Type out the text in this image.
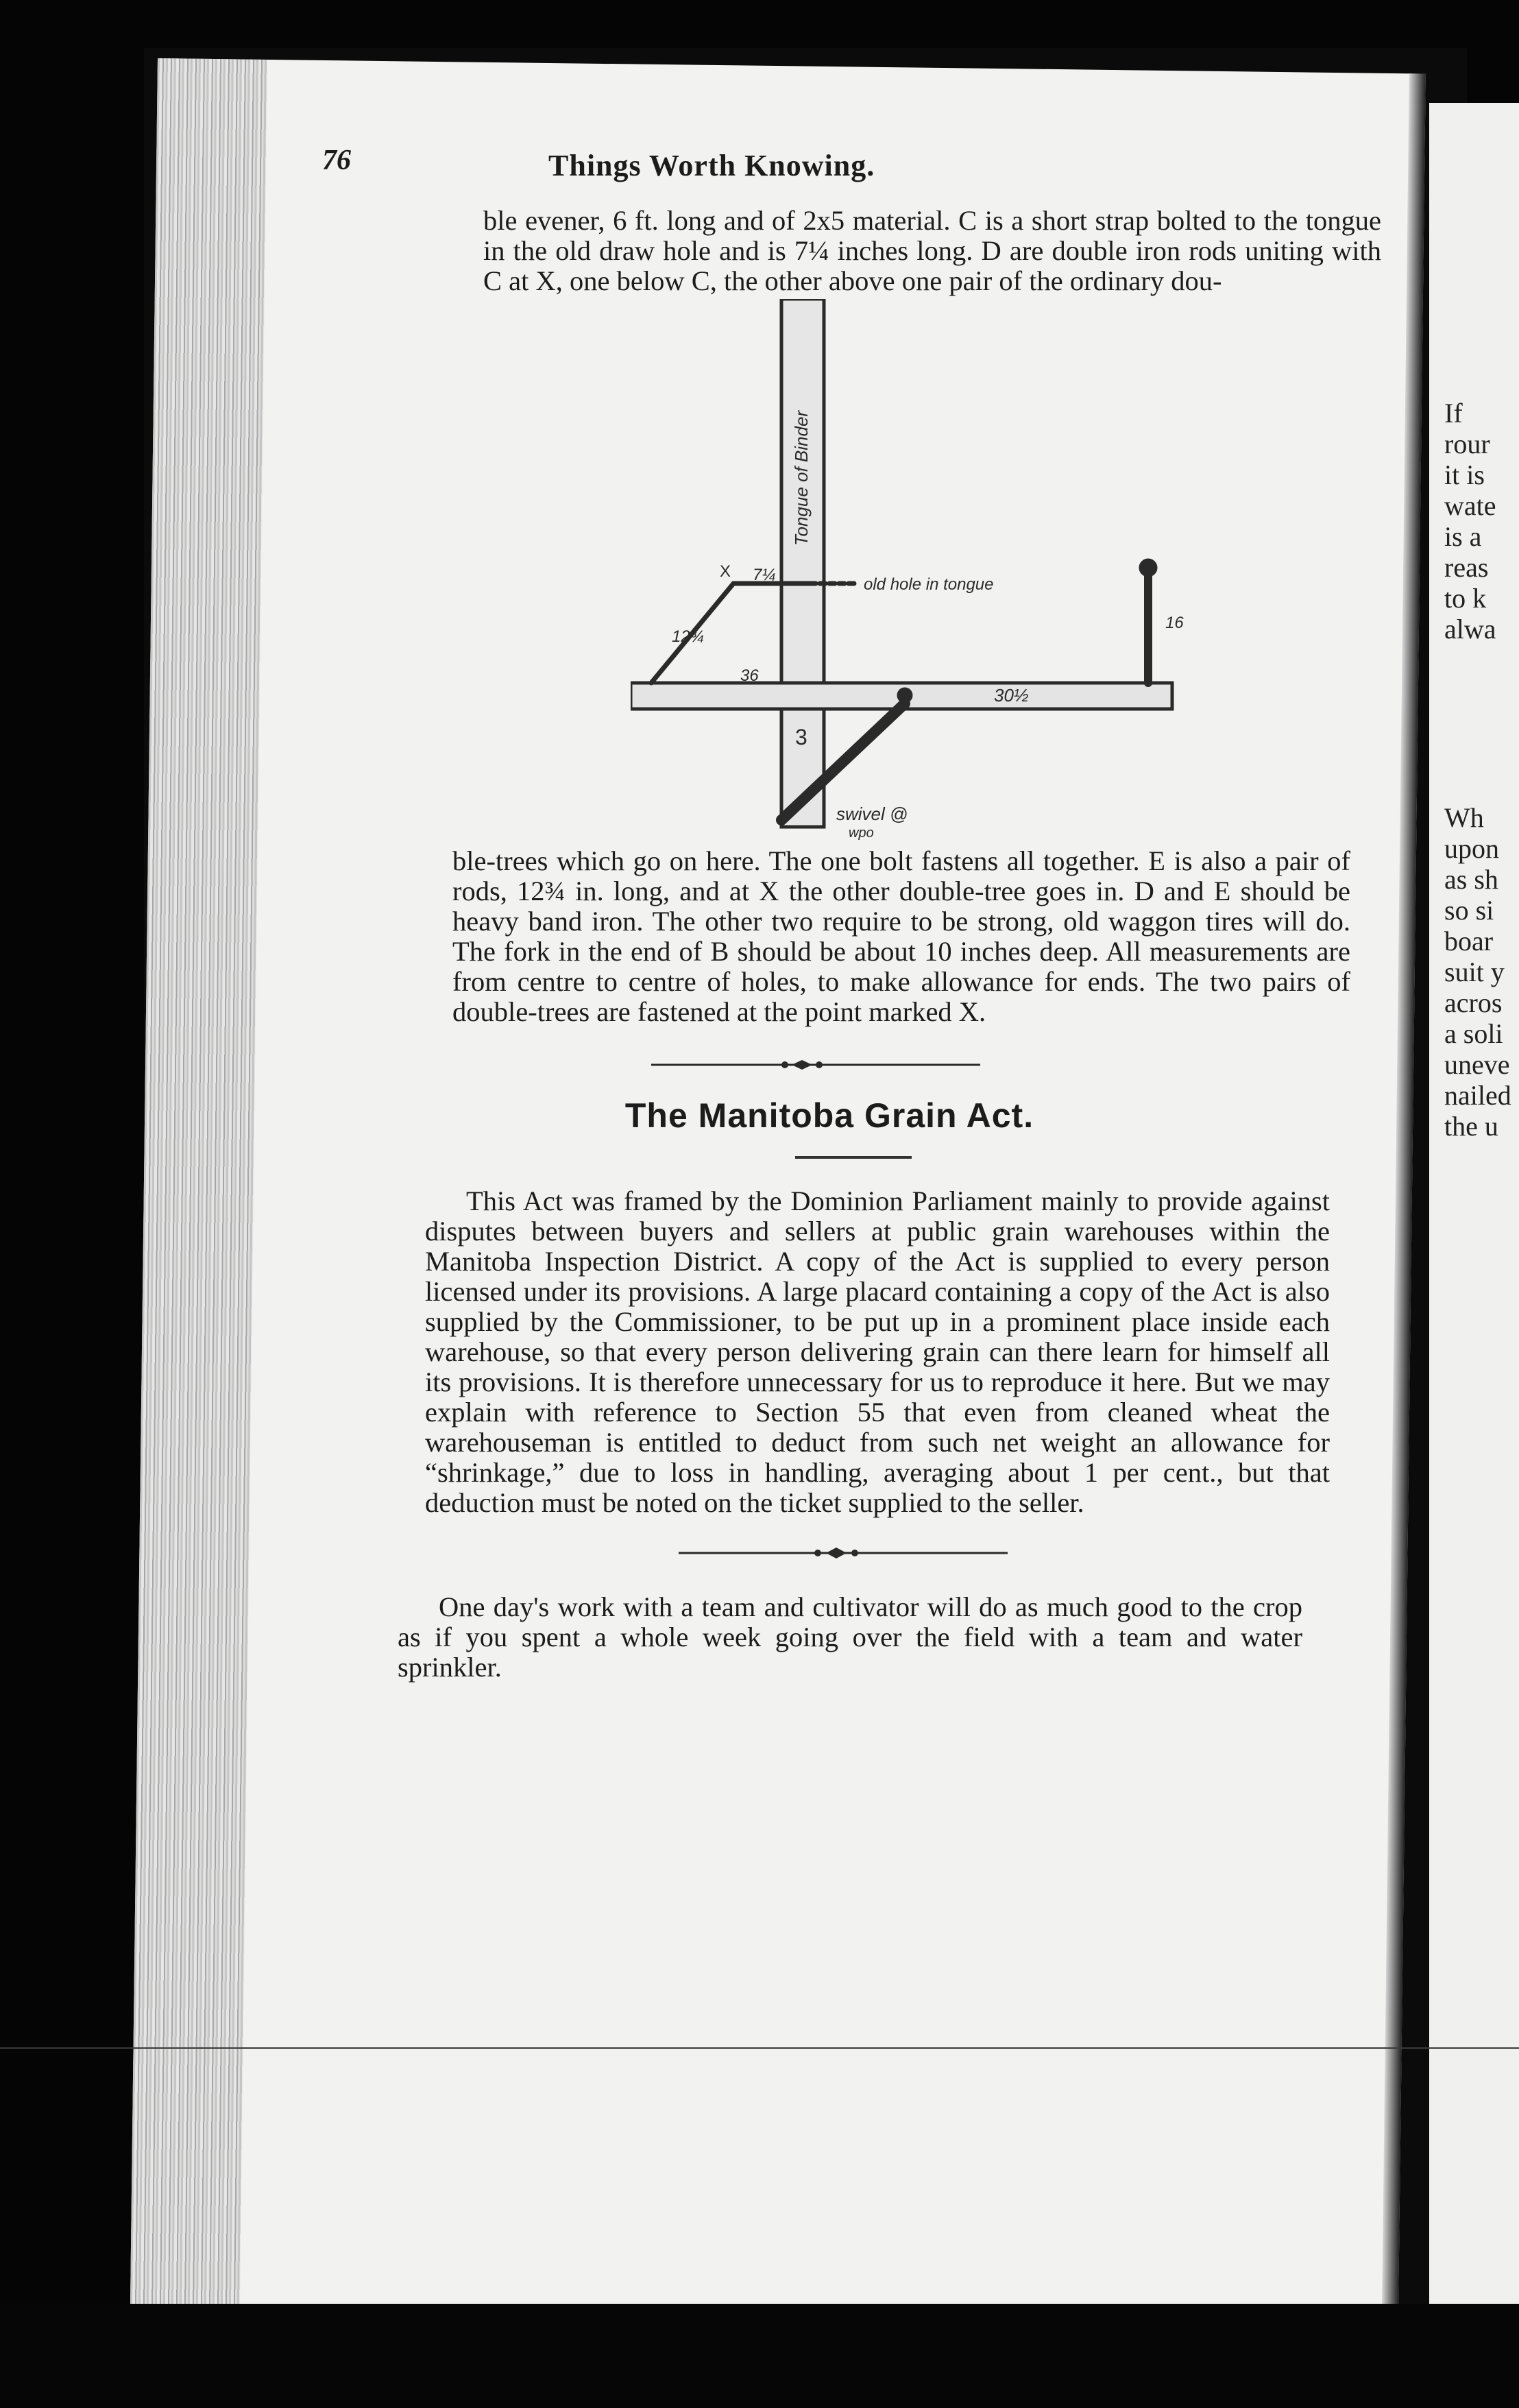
If
rour
it is
wate
is a
reas
to k
alwa
Wh
upon
as sh
so si
boar
suit y
acros
a soli
uneve
nailed
the u
76	Things Worth Knowing.

ble evener, 6 ft. long and of 2x5 material. C is a short strap bolted to the tongue in the old draw hole and is 7¼ inches long. D are double iron rods uniting with C at X, one below C, the other above one pair of the ordinary dou-

Tongue of Binder
old hole in tongue
swivel @
wpo
12¾
36
30½
7¼
16
X
3

ble-trees which go on here. The one bolt fastens all together. E is also a pair of rods, 12¾ in. long, and at X the other double-tree goes in. D and E should be heavy band iron. The other two require to be strong, old waggon tires will do. The fork in the end of B should be about 10 inches deep. All measurements are from centre to centre of holes, to make allowance for ends. The two pairs of double-trees are fastened at the point marked X.

The Manitoba Grain Act.

This Act was framed by the Dominion Parliament mainly to provide against disputes between buyers and sellers at public grain warehouses within the Manitoba Inspection District. A copy of the Act is supplied to every person licensed under its provisions. A large placard containing a copy of the Act is also supplied by the Commissioner, to be put up in a prominent place inside each warehouse, so that every person delivering grain can there learn for himself all its provisions. It is therefore unnecessary for us to reproduce it here. But we may explain with reference to Section 55 that even from cleaned wheat the warehouseman is entitled to deduct from such net weight an allowance for “shrinkage,” due to loss in handling, averaging about 1 per cent., but that deduction must be noted on the ticket supplied to the seller.

One day's work with a team and cultivator will do as much good to the crop as if you spent a whole week going over the field with a team and water sprinkler.
